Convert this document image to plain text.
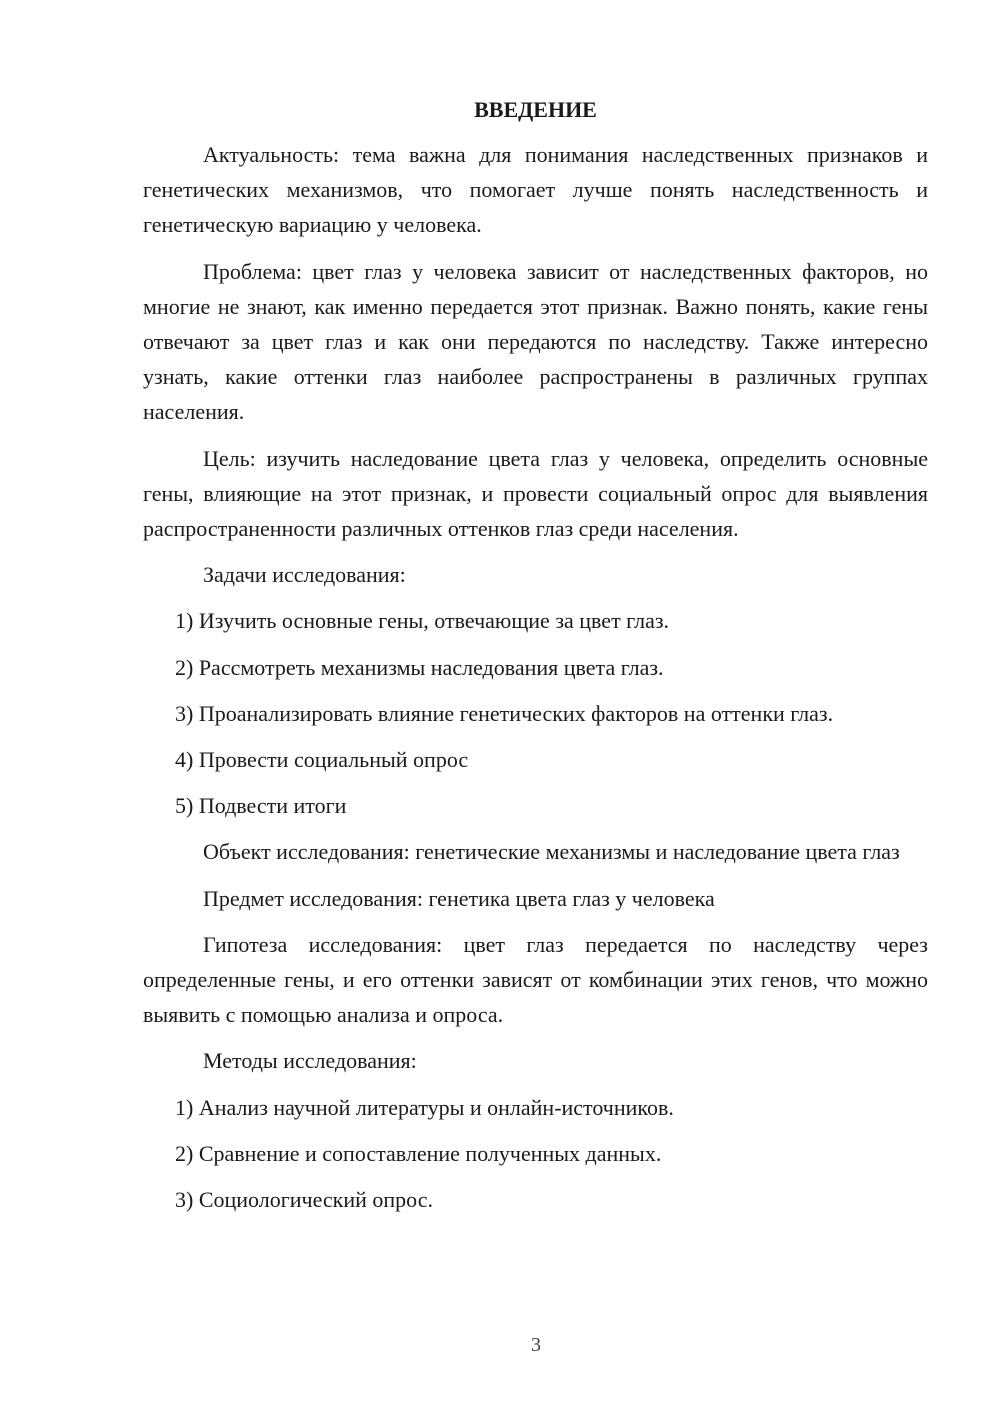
ВВЕДЕНИЕ

Актуальность: тема важна для понимания наследственных признаков и генетических механизмов, что помогает лучше понять наследственность и генетическую вариацию у человека.

Проблема: цвет глаз у человека зависит от наследственных факторов, но многие не знают, как именно передается этот признак. Важно понять, какие гены отвечают за цвет глаз и как они передаются по наследству. Также интересно узнать, какие оттенки глаз наиболее распространены в различных группах населения.

Цель: изучить наследование цвета глаз у человека, определить основные гены, влияющие на этот признак, и провести социальный опрос для выявления распространенности различных оттенков глаз среди населения.

Задачи исследования:

1) Изучить основные гены, отвечающие за цвет глаз.

2) Рассмотреть механизмы наследования цвета глаз.

3) Проанализировать влияние генетических факторов на оттенки глаз.

4) Провести социальный опрос

5) Подвести итоги

Объект исследования: генетические механизмы и наследование цвета глаз

Предмет исследования: генетика цвета глаз у человека

Гипотеза исследования: цвет глаз передается по наследству через определенные гены, и его оттенки зависят от комбинации этих генов, что можно выявить с помощью анализа и опроса.

Методы исследования:

1) Анализ научной литературы и онлайн-источников.

2) Сравнение и сопоставление полученных данных.

3) Социологический опрос.

3
